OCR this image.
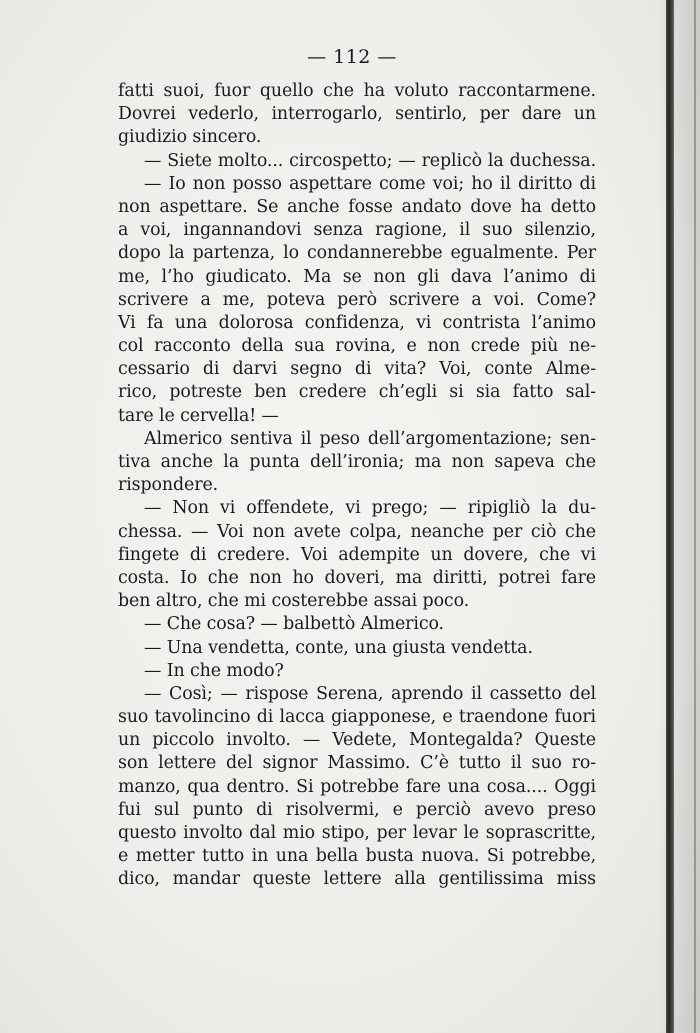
— 112 —
fatti suoi, fuor quello che ha voluto raccontarmene.
Dovrei vederlo, interrogarlo, sentirlo, per dare un
giudizio sincero.
— Siete molto... circospetto; — replicò la duchessa.
— Io non posso aspettare come voi; ho il diritto di
non aspettare. Se anche fosse andato dove ha detto
a voi, ingannandovi senza ragione, il suo silenzio,
dopo la partenza, lo condannerebbe egualmente. Per
me, l’ho giudicato. Ma se non gli dava l’animo di
scrivere a me, poteva però scrivere a voi. Come?
Vi fa una dolorosa confidenza, vi contrista l’animo
col racconto della sua rovina, e non crede più ne-
cessario di darvi segno di vita? Voi, conte Alme-
rico, potreste ben credere ch’egli si sia fatto sal-
tare le cervella! —
Almerico sentiva il peso dell’argomentazione; sen-
tiva anche la punta dell’ironia; ma non sapeva che
rispondere.
— Non vi offendete, vi prego; — ripigliò la du-
chessa. — Voi non avete colpa, neanche per ciò che
fingete di credere. Voi adempite un dovere, che vi
costa. Io che non ho doveri, ma diritti, potrei fare
ben altro, che mi costerebbe assai poco.
— Che cosa? — balbettò Almerico.
— Una vendetta, conte, una giusta vendetta.
— In che modo?
— Così; — rispose Serena, aprendo il cassetto del
suo tavolincino di lacca giapponese, e traendone fuori
un piccolo involto. — Vedete, Montegalda? Queste
son lettere del signor Massimo. C’è tutto il suo ro-
manzo, qua dentro. Si potrebbe fare una cosa.... Oggi
fui sul punto di risolvermi, e perciò avevo preso
questo involto dal mio stipo, per levar le soprascritte,
e metter tutto in una bella busta nuova. Si potrebbe,
dico, mandar queste lettere alla gentilissima miss
